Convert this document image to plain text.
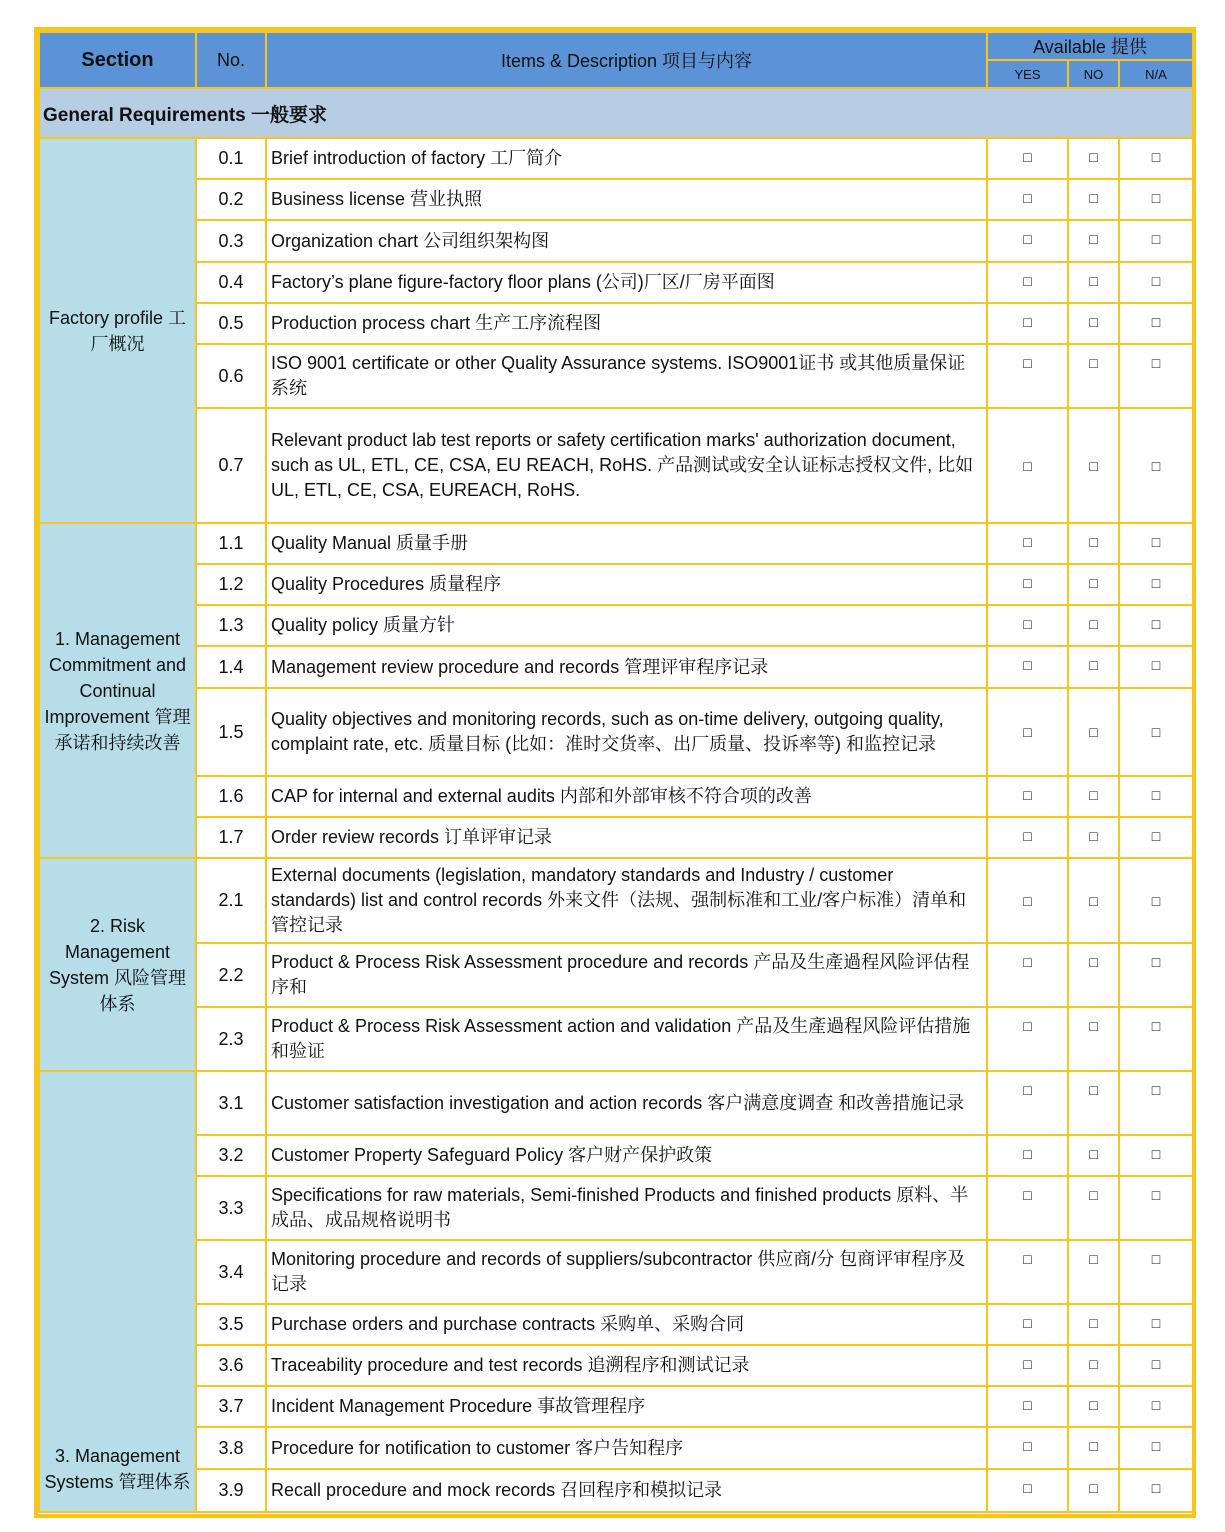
Section	No.	Items & Description 项目与内容	Available 提供		
			YES	NO	N/A
General Requirements 一般要求					
Factory profile 工厂概况	0.1	Brief introduction of factory 工厂简介	□	□	□
	0.2	Business license 营业执照	□	□	□
	0.3	Organization chart 公司组织架构图	□	□	□
	0.4	Factory’s plane figure-factory floor plans (公司)厂区/厂房平面图	□	□	□
	0.5	Production process chart 生产工序流程图	□	□	□
	0.6	ISO 9001 certificate or other Quality Assurance systems. ISO9001证书 或其他质量保证系统	□	□	□
	0.7	Relevant product lab test reports or safety certification marks' authorization document, such as UL, ETL, CE, CSA, EU REACH, RoHS. 产品测试或安全认证标志授权文件, 比如 UL, ETL, CE, CSA, EUREACH, RoHS.	□	□	□
1. Management Commitment and Continual Improvement 管理承诺和持续改善	1.1	Quality Manual 质量手册	□	□	□
	1.2	Quality Procedures 质量程序	□	□	□
	1.3	Quality policy 质量方针	□	□	□
	1.4	Management review procedure and records 管理评审程序记录	□	□	□
	1.5	Quality objectives and monitoring records, such as on-time delivery, outgoing quality, complaint rate, etc. 质量目标 (比如：准时交货率、出厂质量、投诉率等) 和监控记录	□	□	□
	1.6	CAP for internal and external audits 内部和外部审核不符合项的改善	□	□	□
	1.7	Order review records 订单评审记录	□	□	□
2. Risk Management System 风险管理体系	2.1	External documents (legislation, mandatory standards and Industry / customer standards) list and control records 外来文件（法规、强制标准和工业/客户标准）清单和管控记录	□	□	□
	2.2	Product & Process Risk Assessment procedure and records 产品及生產過程风险评估程序和	□	□	□
	2.3	Product & Process Risk Assessment action and validation 产品及生產過程风险评估措施和验证	□	□	□
3. Management Systems 管理体系	3.1	Customer satisfaction investigation and action records 客户满意度调查 和改善措施记录	□	□	□
	3.2	Customer Property Safeguard Policy 客户财产保护政策	□	□	□
	3.3	Specifications for raw materials, Semi-finished Products and finished products 原料、半成品、成品规格说明书	□	□	□
	3.4	Monitoring procedure and records of suppliers/subcontractor 供应商/分 包商评审程序及记录	□	□	□
	3.5	Purchase orders and purchase contracts 采购单、采购合同	□	□	□
	3.6	Traceability procedure and test records 追溯程序和测试记录	□	□	□
	3.7	Incident Management Procedure 事故管理程序	□	□	□
	3.8	Procedure for notification to customer 客户告知程序	□	□	□
	3.9	Recall procedure and mock records 召回程序和模拟记录	□	□	□
